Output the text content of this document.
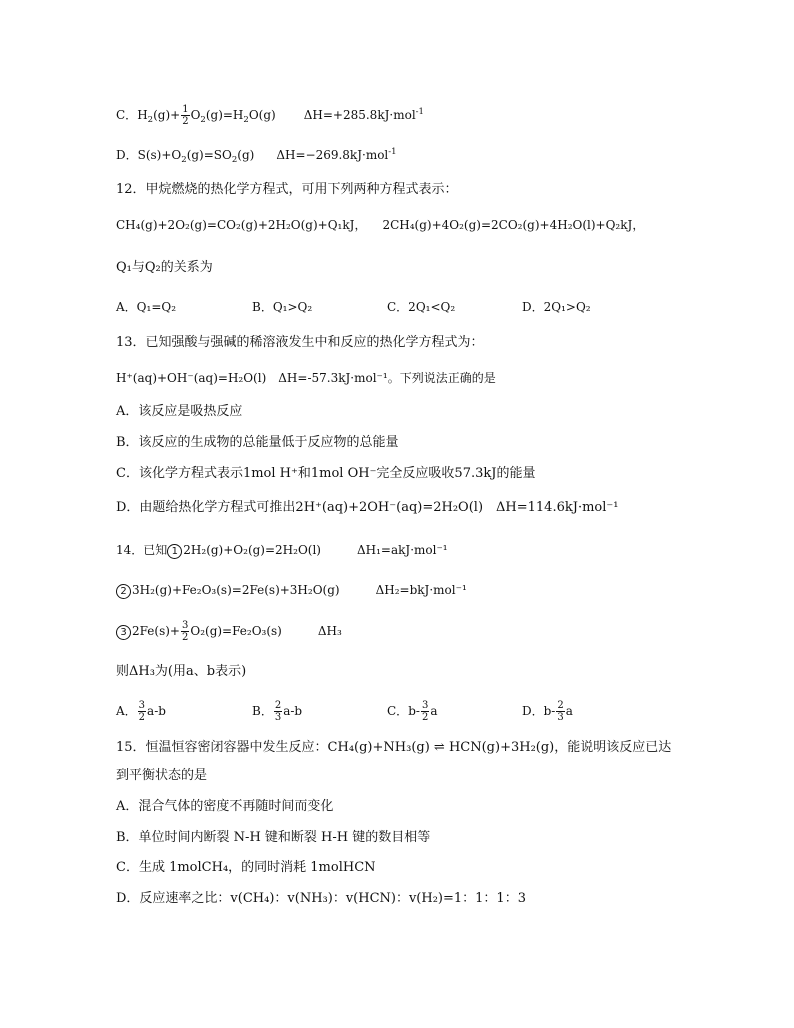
C．$H_2(g)+ \frac{1}{2} O_2(g)=H_2O(g)$ ΔH=+285.8kJ·mol$^{-1}$
D．$S(s)+O_2(g)=SO_2(g)$ ΔH=−269.8kJ·mol$^{-1}$
12．甲烷燃烧的热化学方程式，可用下列两种方程式表示：
CH₄(g)+2O₂(g)=CO₂(g)+2H₂O(g)+Q₁kJ， 2CH₄(g)+4O₂(g)=2CO₂(g)+4H₂O(l)+Q₂kJ，
Q₁与Q₂的关系为
A．Q₁=Q₂	B．Q₁>Q₂	C．2Q₁<Q₂	D．2Q₁>Q₂
13．已知强酸与强碱的稀溶液发生中和反应的热化学方程式为：
H⁺(aq)+OH⁻(aq)=H₂O(l)　ΔH=-57.3kJ·mol⁻¹。下列说法正确的是
A．该反应是吸热反应
B．该反应的生成物的总能量低于反应物的总能量
C．该化学方程式表示1mol H⁺和1mol OH⁻完全反应吸收57.3kJ的能量
D．由题给热化学方程式可推出2H⁺(aq)+2OH⁻(aq)=2H₂O(l)　ΔH=114.6kJ·mol⁻¹
14．已知 1 2H₂(g)+O₂(g)=2H₂O(l)　　　ΔH₁=akJ·mol⁻¹
2 3H₂(g)+Fe₂O₃(s)=2Fe(s)+3H₂O(g)　　　ΔH₂=bkJ·mol⁻¹
3 $2Fe(s)+ \frac{3}{2} O_2(g)=Fe_2O_3(s)$　　　ΔH₃
则ΔH₃为(用a、b表示)
A． $\frac{3}{2} a-b$	B． $\frac{2}{3} a-b$	C．$b- \frac{3}{2}$ a	D．$b- \frac{2}{3}$ a
15．恒温恒容密闭容器中发生反应：CH₄(g)+NH₃(g) ⇌ HCN(g)+3H₂(g)，能说明该反应已达
到平衡状态的是
A．混合气体的密度不再随时间而变化
B．单位时间内断裂 N-H 键和断裂 H-H 键的数目相等
C．生成 1molCH₄，的同时消耗 1molHCN
D．反应速率之比：v(CH₄)：v(NH₃)：v(HCN)：v(H₂)=1：1：1：3
